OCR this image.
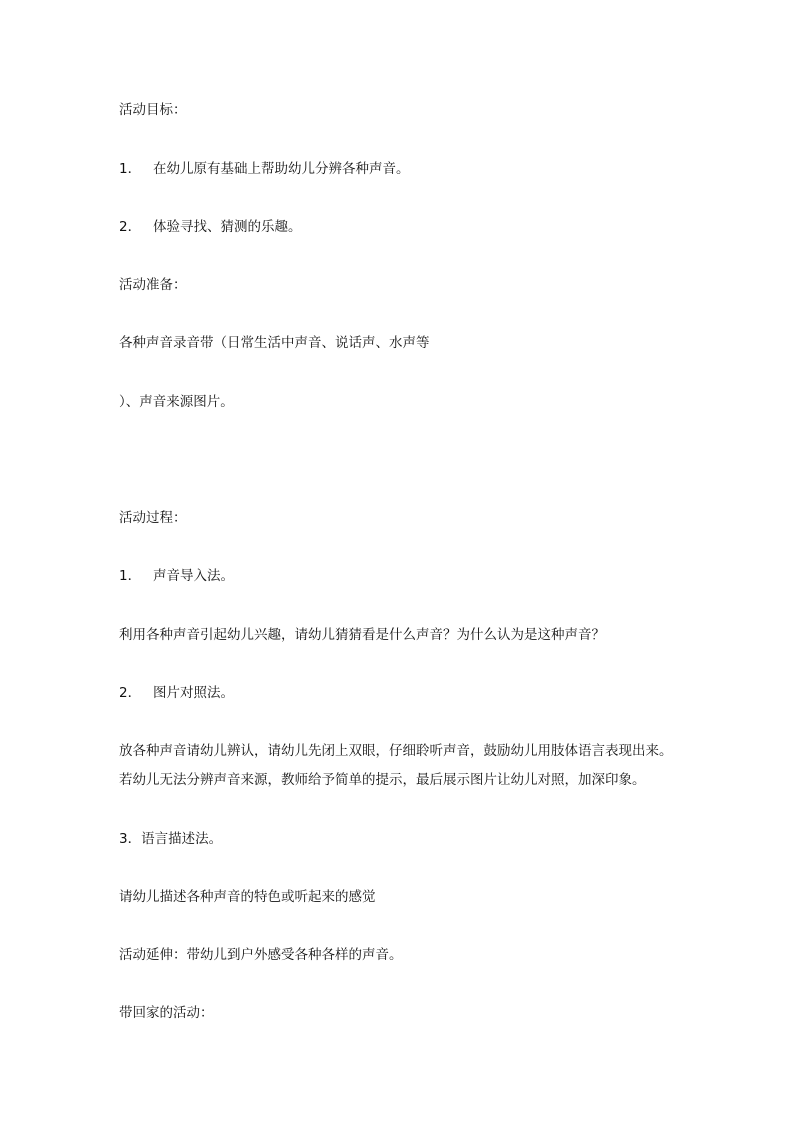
活动目标：
1． 在幼儿原有基础上帮助幼儿分辨各种声音。
2． 体验寻找、猜测的乐趣。
活动准备：
各种声音录音带（日常生活中声音、说话声、水声等
）、声音来源图片。
活动过程：
1． 声音导入法。
利用各种声音引起幼儿兴趣，请幼儿猜猜看是什么声音？为什么认为是这种声音？
2． 图片对照法。
放各种声音请幼儿辨认，请幼儿先闭上双眼，仔细聆听声音，鼓励幼儿用肢体语言表现出来。若幼儿无法分辨声音来源，教师给予简单的提示，最后展示图片让幼儿对照，加深印象。
3．语言描述法。
请幼儿描述各种声音的特色或听起来的感觉
活动延伸：带幼儿到户外感受各种各样的声音。
带回家的活动：
